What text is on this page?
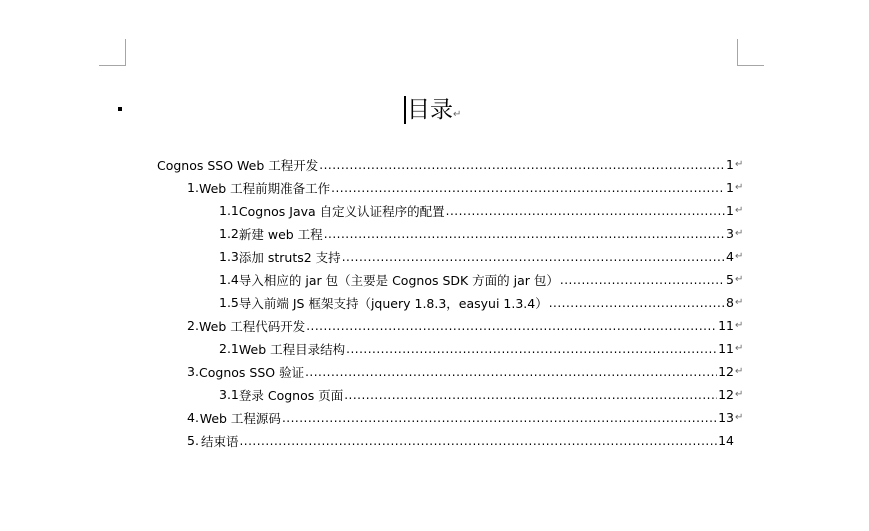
目录↵
Cognos SSO Web 工程开发 .....	1 ↵
1. Web 工程前期准备工作 .....	1 ↵
1.1 Cognos Java 自定义认证程序的配置 .....	1 ↵
1.2 新建 web 工程 .....	3 ↵
1.3 添加 struts2 支持 .....	4 ↵
1.4 导入相应的 jar 包（主要是 Cognos SDK 方面的 jar 包） .....	5 ↵
1.5 导入前端 JS 框架支持（jquery 1.8.3，easyui 1.3.4） .....	8 ↵
2. Web 工程代码开发 .....	11 ↵
2.1 Web 工程目录结构 .....	11 ↵
3. Cognos SSO 验证 .....	12 ↵
3.1 登录 Cognos 页面 .....	12 ↵
4. Web 工程源码 .....	13 ↵
5. 结束语 .....	14
